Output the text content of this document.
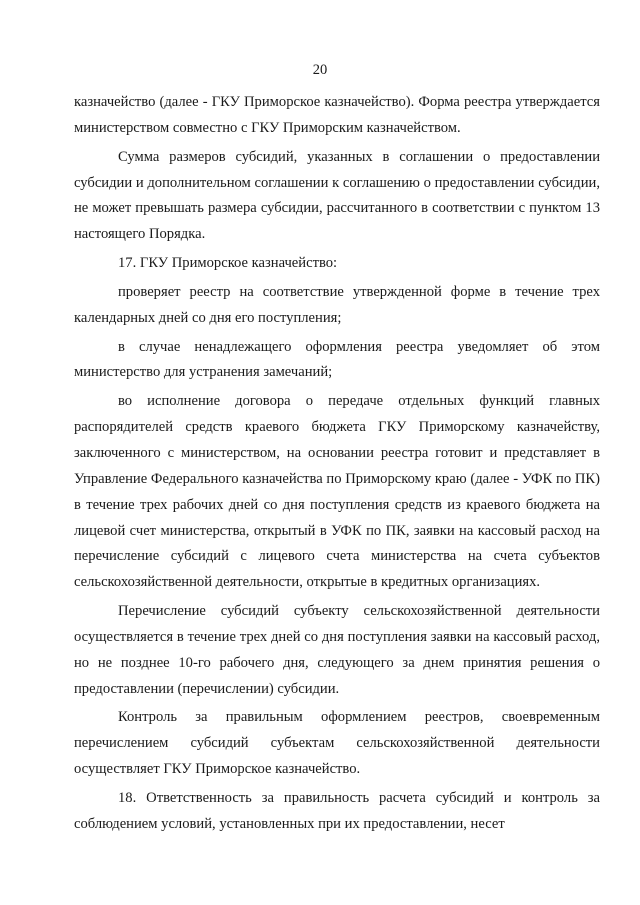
20

казначейство (далее - ГКУ Приморское казначейство). Форма реестра утверждается министерством совместно с ГКУ Приморским казначейством.

Сумма размеров субсидий, указанных в соглашении о предоставлении субсидии и дополнительном соглашении к соглашению о предоставлении субсидии, не может превышать размера субсидии, рассчитанного в соответствии с пунктом 13 настоящего Порядка.

17. ГКУ Приморское казначейство:

проверяет реестр на соответствие утвержденной форме в течение трех календарных дней со дня его поступления;

в случае ненадлежащего оформления реестра уведомляет об этом министерство для устранения замечаний;

во исполнение договора о передаче отдельных функций главных распорядителей средств краевого бюджета ГКУ Приморскому казначейству, заключенного с министерством, на основании реестра готовит и представляет в Управление Федерального казначейства по Приморскому краю (далее - УФК по ПК) в течение трех рабочих дней со дня поступления средств из краевого бюджета на лицевой счет министерства, открытый в УФК по ПК, заявки на кассовый расход на перечисление субсидий с лицевого счета министерства на счета субъектов сельскохозяйственной деятельности, открытые в кредитных организациях.

Перечисление субсидий субъекту сельскохозяйственной деятельности осуществляется в течение трех дней со дня поступления заявки на кассовый расход, но не позднее 10-го рабочего дня, следующего за днем принятия решения о предоставлении (перечислении) субсидии.

Контроль за правильным оформлением реестров, своевременным перечислением субсидий субъектам сельскохозяйственной деятельности осуществляет ГКУ Приморское казначейство.

18. Ответственность за правильность расчета субсидий и контроль за соблюдением условий, установленных при их предоставлении, несет
